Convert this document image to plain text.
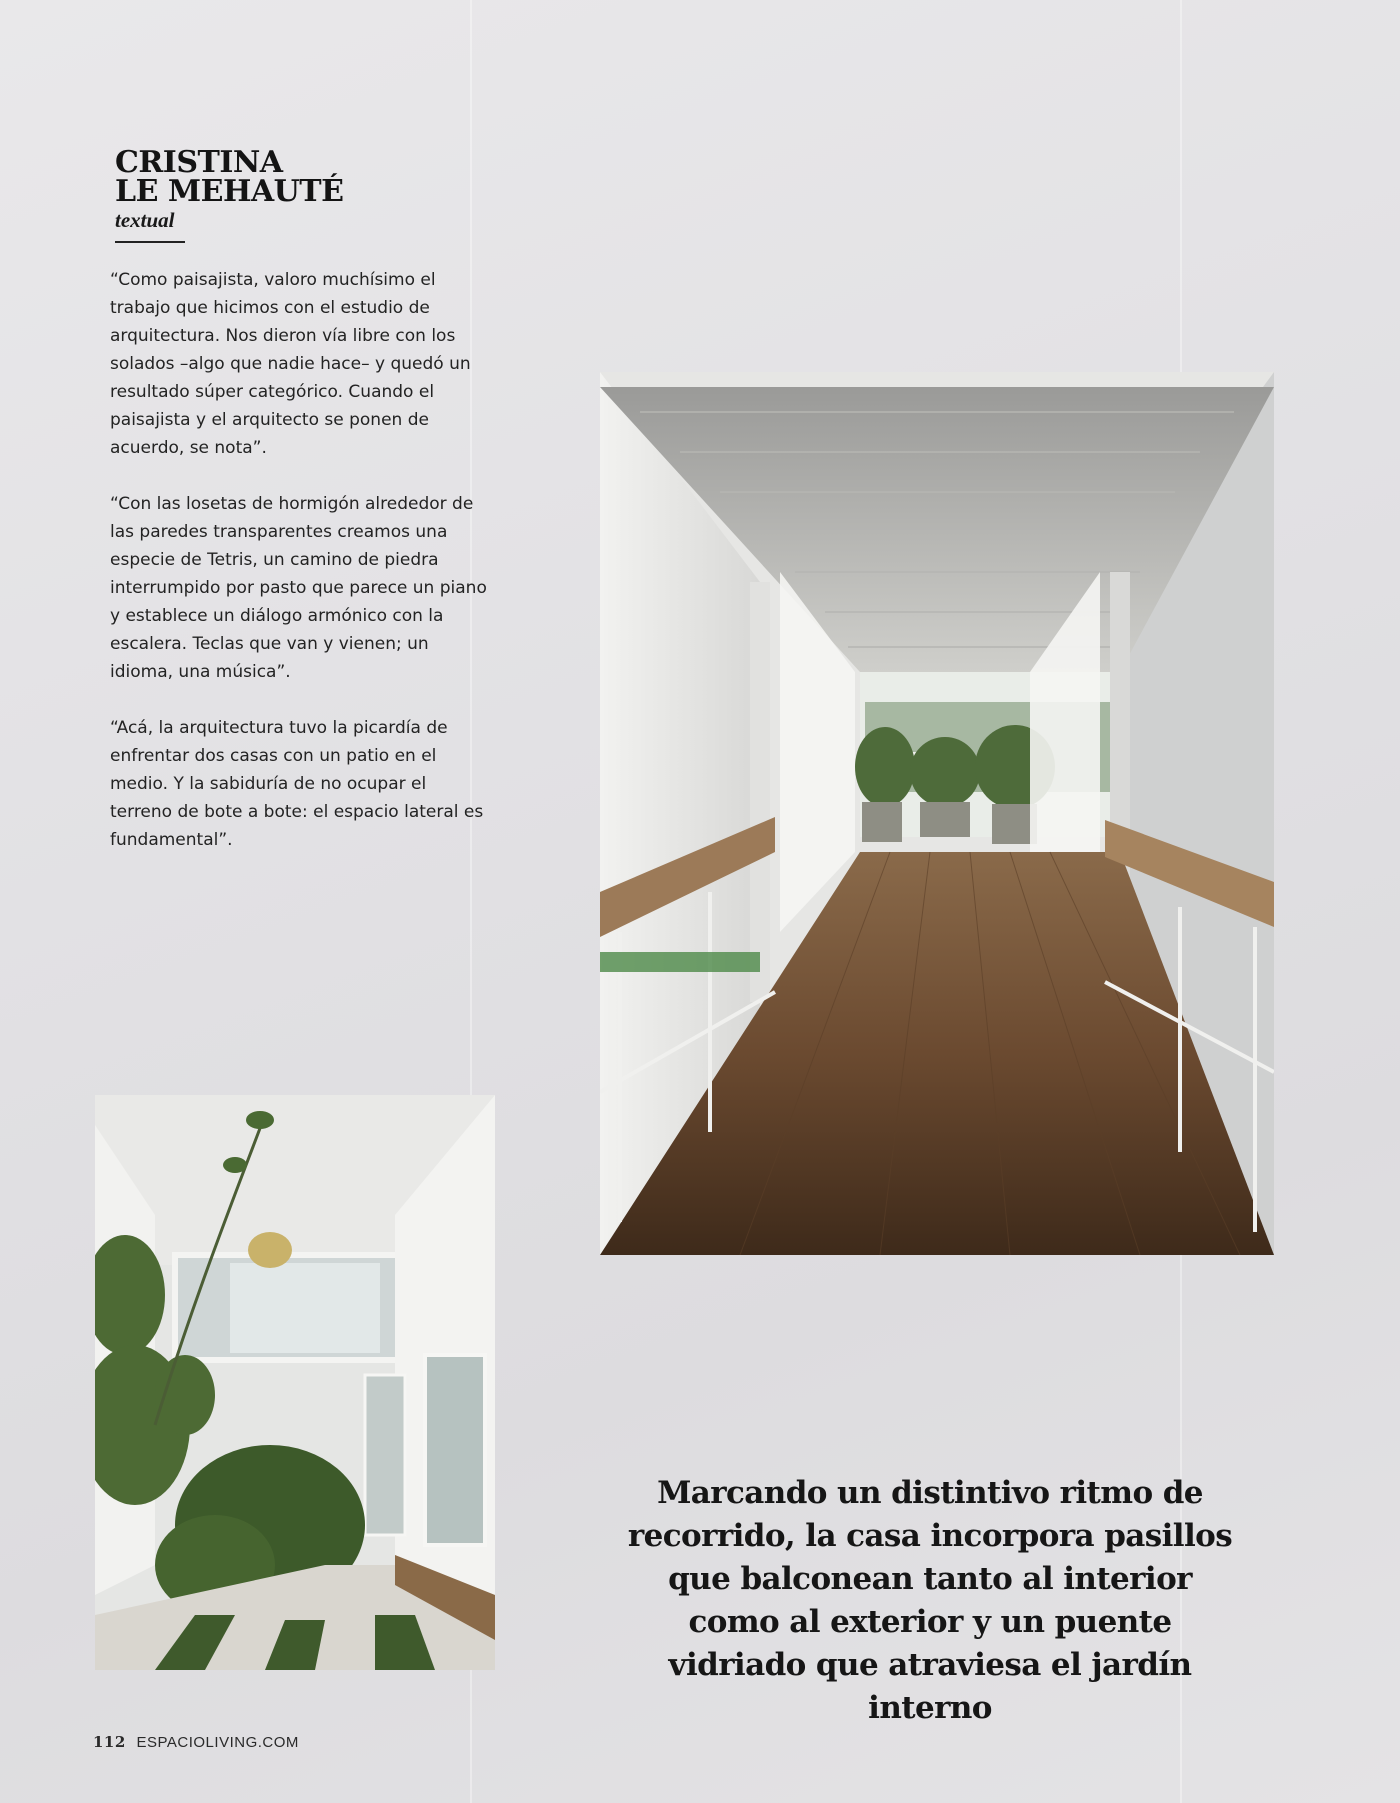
CRISTINA
LE MEHAUTÉ

textual

“Como paisajista, valoro muchísimo el trabajo que hicimos con el estudio de arquitectura. Nos dieron vía libre con los solados –algo que nadie hace– y quedó un resultado súper categórico. Cuando el paisajista y el arquitecto se ponen de acuerdo, se nota”.

“Con las losetas de hormigón alrededor de las paredes transparentes creamos una especie de Tetris, un camino de piedra interrumpido por pasto que parece un piano y establece un diálogo armónico con la escalera. Teclas que van y vienen; un idioma, una música”.

“Acá, la arquitectura tuvo la picardía de enfrentar dos casas con un patio en el medio. Y la sabiduría de no ocupar el terreno de bote a bote: el espacio lateral es fundamental”.

Marcando un distintivo ritmo de recorrido, la casa incorpora pasillos que balconean tanto al interior como al exterior y un puente vidriado que atraviesa el jardín interno

112 ESPACIOLIVING.COM
